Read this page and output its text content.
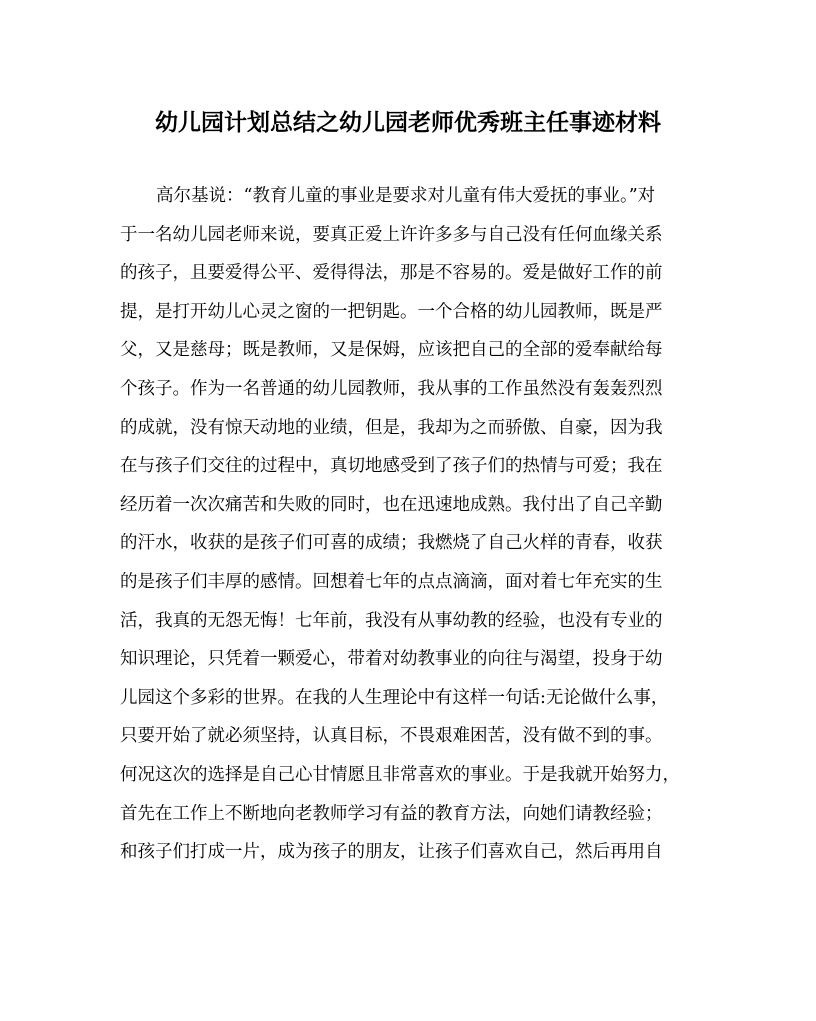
幼儿园计划总结之幼儿园老师优秀班主任事迹材料
高尔基说：“教育儿童的事业是要求对儿童有伟大爱抚的事业。”对
于一名幼儿园老师来说，要真正爱上许许多多与自己没有任何血缘关系
的孩子，且要爱得公平、爱得得法，那是不容易的。爱是做好工作的前
提，是打开幼儿心灵之窗的一把钥匙。一个合格的幼儿园教师，既是严
父，又是慈母；既是教师，又是保姆，应该把自己的全部的爱奉献给每
个孩子。作为一名普通的幼儿园教师，我从事的工作虽然没有轰轰烈烈
的成就，没有惊天动地的业绩，但是，我却为之而骄傲、自豪，因为我
在与孩子们交往的过程中，真切地感受到了孩子们的热情与可爱；我在
经历着一次次痛苦和失败的同时，也在迅速地成熟。我付出了自己辛勤
的汗水，收获的是孩子们可喜的成绩；我燃烧了自己火样的青春，收获
的是孩子们丰厚的感情。回想着七年的点点滴滴，面对着七年充实的生
活，我真的无怨无悔！七年前，我没有从事幼教的经验，也没有专业的
知识理论，只凭着一颗爱心，带着对幼教事业的向往与渴望，投身于幼
儿园这个多彩的世界。在我的人生理论中有这样一句话:无论做什么事，
只要开始了就必须坚持，认真目标，不畏艰难困苦，没有做不到的事。
何况这次的选择是自己心甘情愿且非常喜欢的事业。于是我就开始努力，
首先在工作上不断地向老教师学习有益的教育方法，向她们请教经验；
和孩子们打成一片，成为孩子的朋友，让孩子们喜欢自己，然后再用自
